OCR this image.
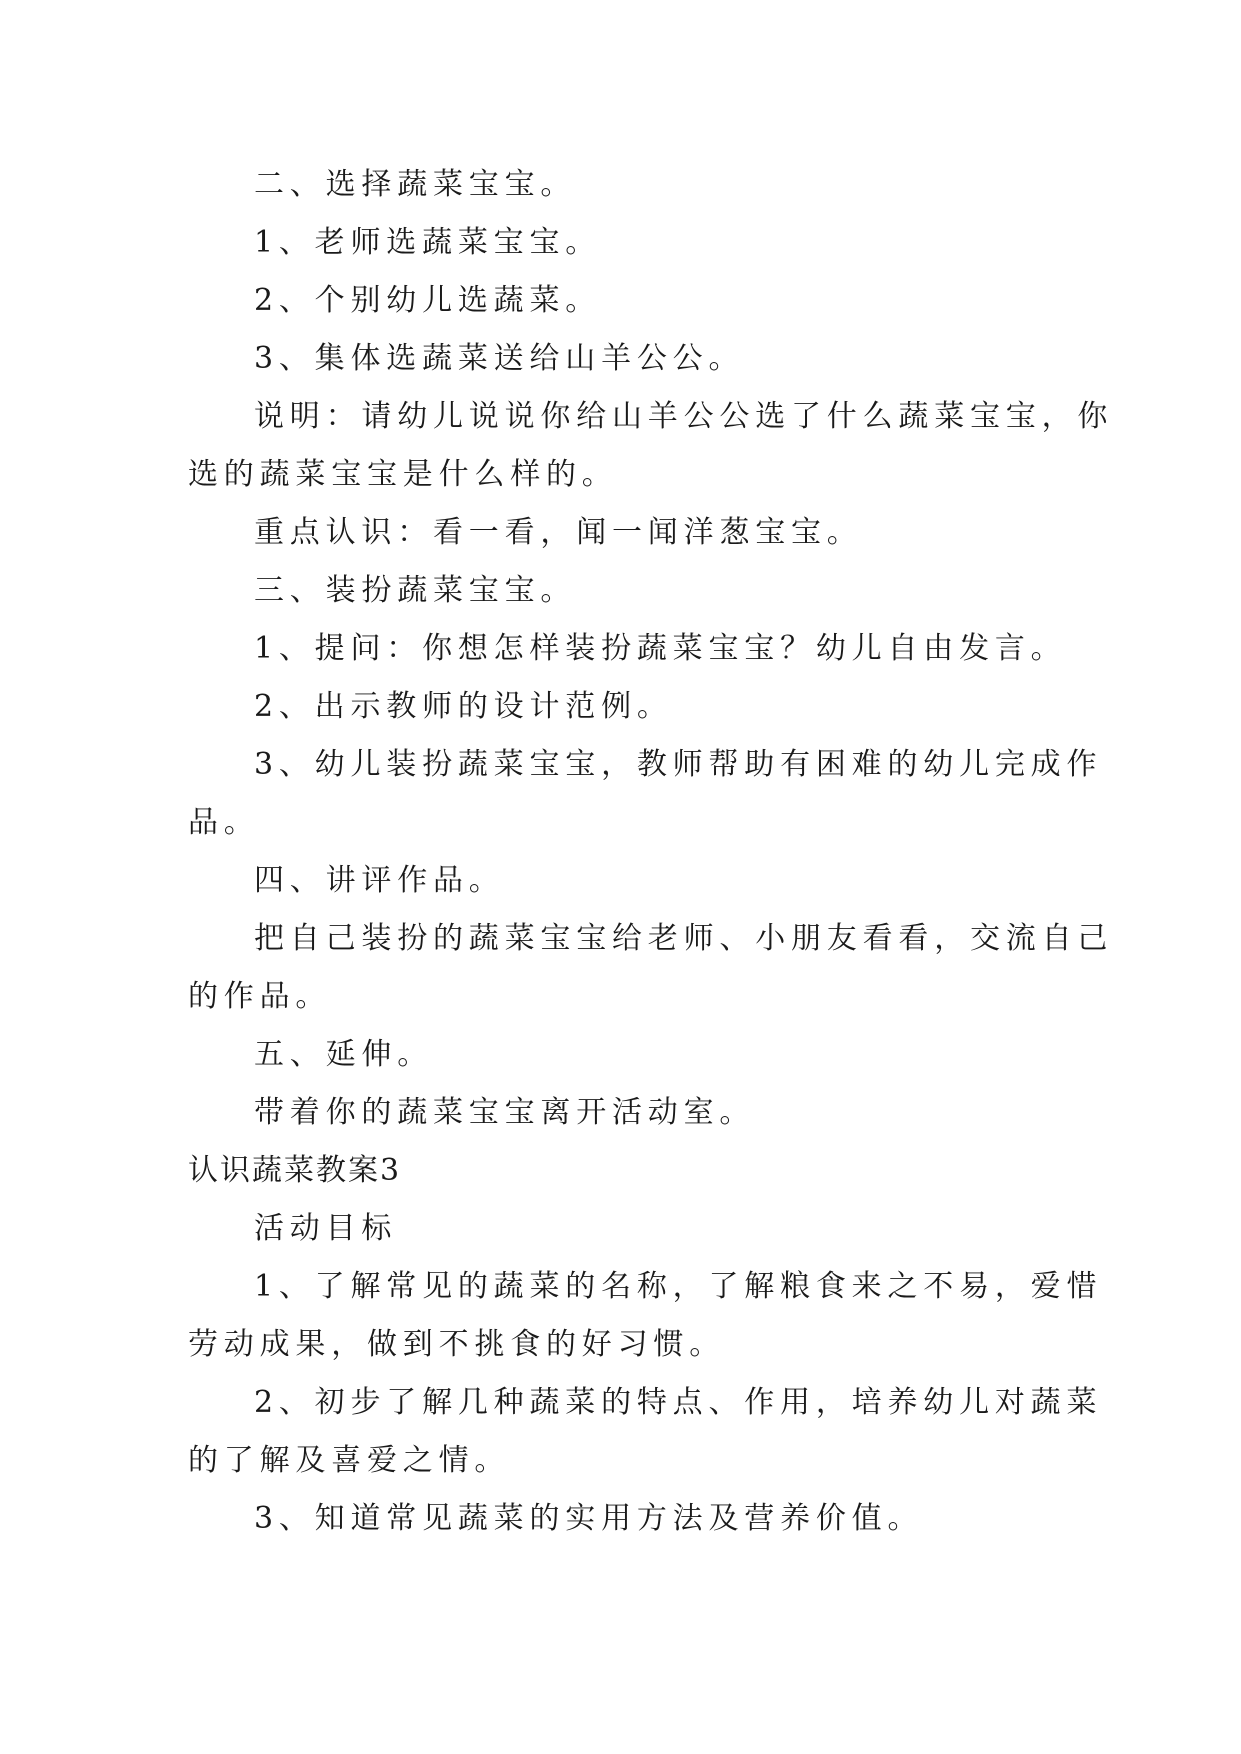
二、选择蔬菜宝宝。
1、老师选蔬菜宝宝。
2、个别幼儿选蔬菜。
3、集体选蔬菜送给山羊公公。
说明：请幼儿说说你给山羊公公选了什么蔬菜宝宝，你
选的蔬菜宝宝是什么样的。
重点认识：看一看，闻一闻洋葱宝宝。
三、装扮蔬菜宝宝。
1、提问：你想怎样装扮蔬菜宝宝？幼儿自由发言。
2、出示教师的设计范例。
3、幼儿装扮蔬菜宝宝，教师帮助有困难的幼儿完成作
品。
四、讲评作品。
把自己装扮的蔬菜宝宝给老师、小朋友看看，交流自己
的作品。
五、延伸。
带着你的蔬菜宝宝离开活动室。
认识蔬菜教案3
活动目标
1、了解常见的蔬菜的名称，了解粮食来之不易，爱惜
劳动成果，做到不挑食的好习惯。
2、初步了解几种蔬菜的特点、作用，培养幼儿对蔬菜
的了解及喜爱之情。
3、知道常见蔬菜的实用方法及营养价值。
